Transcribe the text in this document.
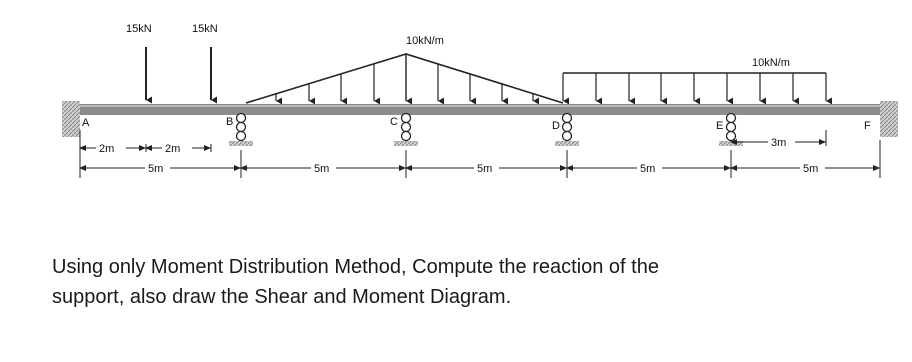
15kN	15kN
10kN/m
10kN/m
A	B	C	D	E	F
2m	2m	3m
5m	5m	5m	5m	5m

Using only Moment Distribution Method, Compute the reaction of the
support, also draw the Shear and Moment Diagram.
